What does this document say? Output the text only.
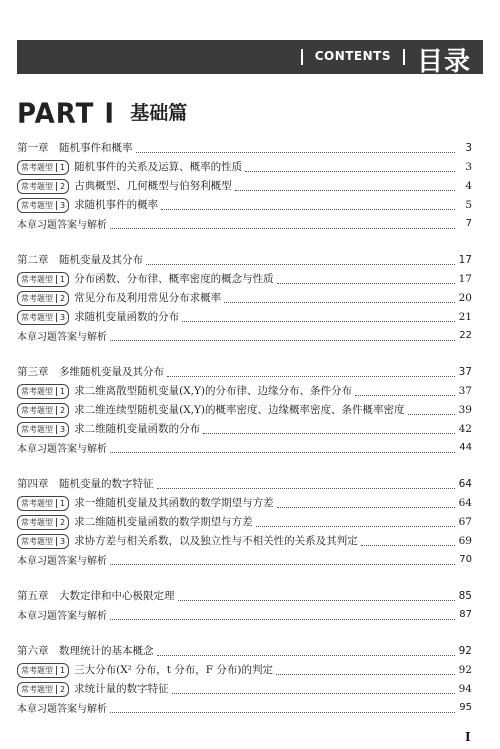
CONTENTS 目录
PART Ⅰ 基础篇
第一章　随机事件和概率	3
常考题型 1 随机事件的关系及运算、概率的性质	3
常考题型 2 古典概型、几何概型与伯努利概型	4
常考题型 3 求随机事件的概率	5
本章习题答案与解析	7
第二章　随机变量及其分布	17
常考题型 1 分布函数、分布律、概率密度的概念与性质	17
常考题型 2 常见分布及利用常见分布求概率	20
常考题型 3 求随机变量函数的分布	21
本章习题答案与解析	22
第三章　多维随机变量及其分布	37
常考题型 1 求二维离散型随机变量(X,Y)的分布律、边缘分布、条件分布	37
常考题型 2 求二维连续型随机变量(X,Y)的概率密度、边缘概率密度、条件概率密度	39
常考题型 3 求二维随机变量函数的分布	42
本章习题答案与解析	44
第四章　随机变量的数字特征	64
常考题型 1 求一维随机变量及其函数的数学期望与方差	64
常考题型 2 求二维随机变量函数的数学期望与方差	67
常考题型 3 求协方差与相关系数，以及独立性与不相关性的关系及其判定	69
本章习题答案与解析	70
第五章　大数定律和中心极限定理	85
本章习题答案与解析	87
第六章　数理统计的基本概念	92
常考题型 1 三大分布(X² 分布，t 分布，F 分布)的判定	92
常考题型 2 求统计量的数字特征	94
本章习题答案与解析	95
Ⅰ
